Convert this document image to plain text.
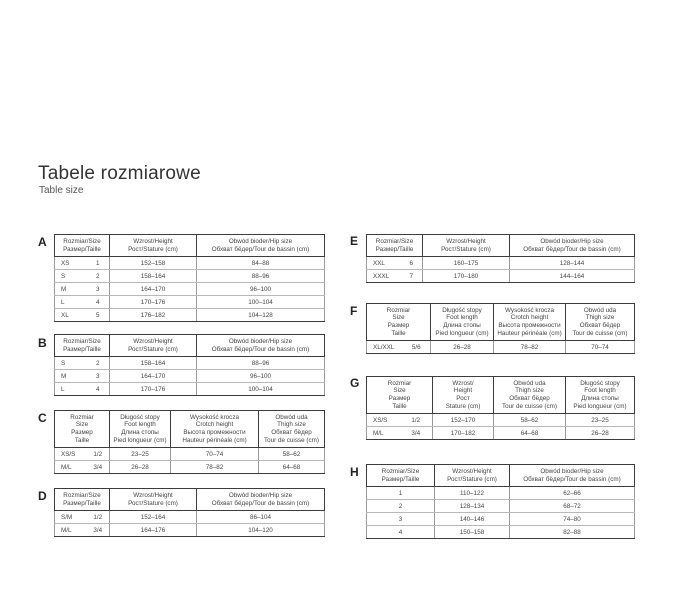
Tabele rozmiarowe
Table size
A	Rozmiar/Size
Размер/Taille		Wzrost/Height
Рост/Stature (cm)	Obwód bioder/Hip size
Обхват бёдер/Tour de bassin (cm)
XS	1	152–158	84–88
S	2	158–164	88–96
M	3	164–170	96–100
L	4	170–176	100–104
XL	5	176–182	104–128
B	Rozmiar/Size
Размер/Taille		Wzrost/Height
Рост/Stature (cm)	Obwód bioder/Hip size
Обхват бёдер/Tour de bassin (cm)
S	2	158–164	88–96
M	3	164–170	96–100
L	4	170–176	100–104
C	Rozmiar
Size
Размер
Taille		Długość stopy
Foot length
Длина стопы
Pied longueur (cm)	Wysokość krocza
Crotch height
Высота промежности
Hauteur périnéale (cm)	Obwód uda
Thigh size
Обхват бёдер
Tour de cuisse (cm)
XS/S	1/2	23–25	70–74	58–62
M/L	3/4	26–28	78–82	64–68
D	Rozmiar/Size
Размер/Taille		Wzrost/Height
Рост/Stature (cm)	Obwód bioder/Hip size
Обхват бёдер/Tour de bassin (cm)
S/M	1/2	152–164	86–104
M/L	3/4	164–176	104–120
E	Rozmiar/Size
Размер/Taille		Wzrost/Height
Рост/Stature (cm)	Obwód bioder/Hip size
Обхват бёдер/Tour de bassin (cm)
XXL	6	160–175	128–144
XXXL	7	170–180	144–164
F	Rozmiar
Size
Размер
Taille		Długość stopy
Foot length
Длина стопы
Pied longueur (cm)	Wysokość krocza
Crotch height
Высота промежности
Hauteur périnéale (cm)	Obwód uda
Thigh size
Обхват бёдер
Tour de cuisse (cm)
XL/XXL	5/6	26–28	78–82	70–74
G	Rozmiar
Size
Размер
Taille		Wzrost/
Height
Рост
Stature (cm)	Obwód uda
Thigh size
Обхват бёдер
Tour de cuisse (cm)	Długość stopy
Foot length
Длина стопы
Pied longueur (cm)
XS/S	1/2	152–170	58–62	23–25
M/L	3/4	170–182	64–68	26–28
H	Rozmiar/Size
Размер/Taille	Wzrost/Height
Рост/Stature (cm)	Obwód bioder/Hip size
Обхват бёдер/Tour de bassin (cm)
1	110–122	62–66
2	128–134	68–72
3	140–146	74–80
4	150–158	82–88
